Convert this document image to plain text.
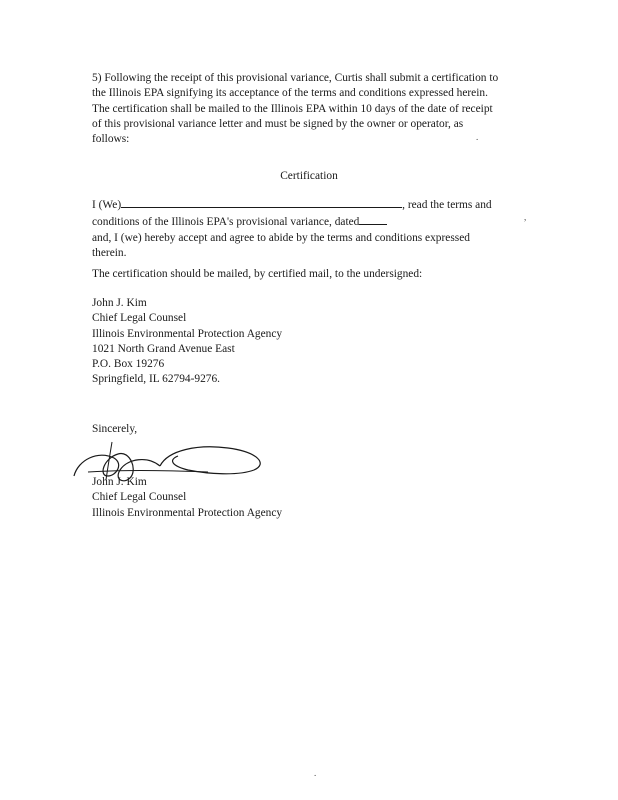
5) Following the receipt of this provisional variance, Curtis shall submit a certification to
the Illinois EPA signifying its acceptance of the terms and conditions expressed herein.
The certification shall be mailed to the Illinois EPA within 10 days of the date of receipt
of this provisional variance letter and must be signed by the owner or operator, as
follows:	.
Certification
I (We)	, read the terms and
conditions of the Illinois EPA's provisional variance, dated
and, I (we) hereby accept and agree to abide by the terms and conditions expressed
therein.
,
The certification should be mailed, by certified mail, to the undersigned:
John J. Kim
Chief Legal Counsel
Illinois Environmental Protection Agency
1021 North Grand Avenue East
P.O. Box 19276
Springfield, IL 62794-9276.
Sincerely,
John J. Kim
Chief Legal Counsel
Illinois Environmental Protection Agency
.
